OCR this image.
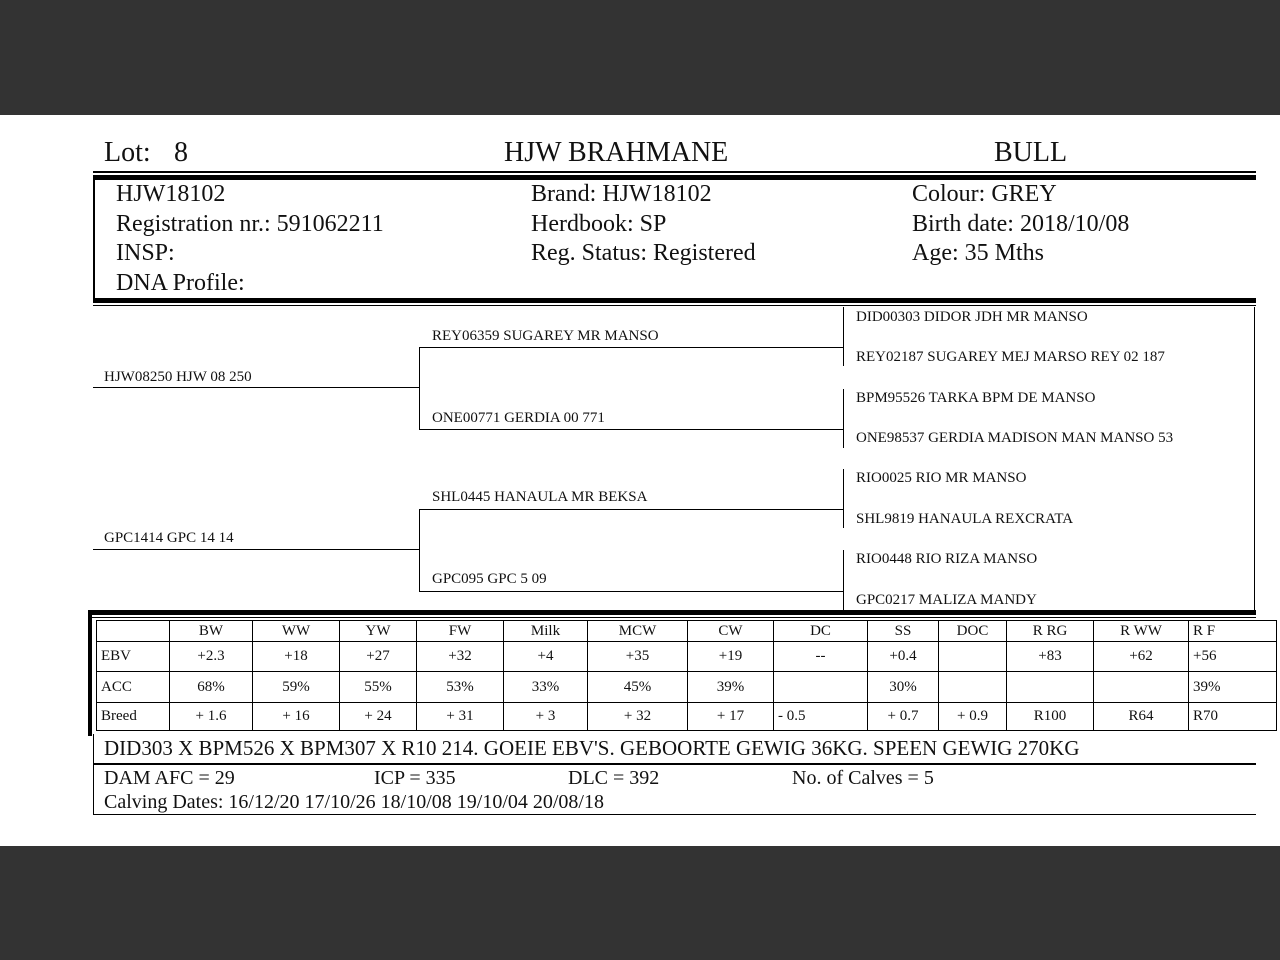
Lot: 8	HJW BRAHMANE	BULL
HJW18102
Registration nr.: 591062211
INSP:
DNA Profile:
Brand: HJW18102
Herdbook: SP
Reg. Status: Registered
Colour: GREY
Birth date: 2018/10/08
Age: 35 Mths
HJW08250 HJW 08 250
GPC1414 GPC 14 14
REY06359 SUGAREY MR MANSO
ONE00771 GERDIA 00 771
SHL0445 HANAULA MR BEKSA
GPC095 GPC 5 09
DID00303 DIDOR JDH MR MANSO
REY02187 SUGAREY MEJ MARSO REY 02 187
BPM95526 TARKA BPM DE MANSO
ONE98537 GERDIA MADISON MAN MANSO 53
RIO0025 RIO MR MANSO
SHL9819 HANAULA REXCRATA
RIO0448 RIO RIZA MANSO
GPC0217 MALIZA MANDY
	BW	WW	YW	FW	Milk	MCW	CW	DC	SS	DOC	R RG	R WW	R F
EBV	+2.3	+18	+27	+32	+4	+35	+19	--	+0.4		+83	+62	+56
ACC	68%	59%	55%	53%	33%	45%	39%		30%				39%
Breed	+ 1.6	+ 16	+ 24	+ 31	+ 3	+ 32	+ 17	- 0.5	+ 0.7	+ 0.9	R100	R64	R70
DID303 X BPM526 X BPM307 X R10 214. GOEIE EBV'S. GEBOORTE GEWIG 36KG. SPEEN GEWIG 270KG
DAM AFC = 29	ICP = 335	DLC = 392	No. of Calves = 5
Calving Dates: 16/12/20 17/10/26 18/10/08 19/10/04 20/08/18
